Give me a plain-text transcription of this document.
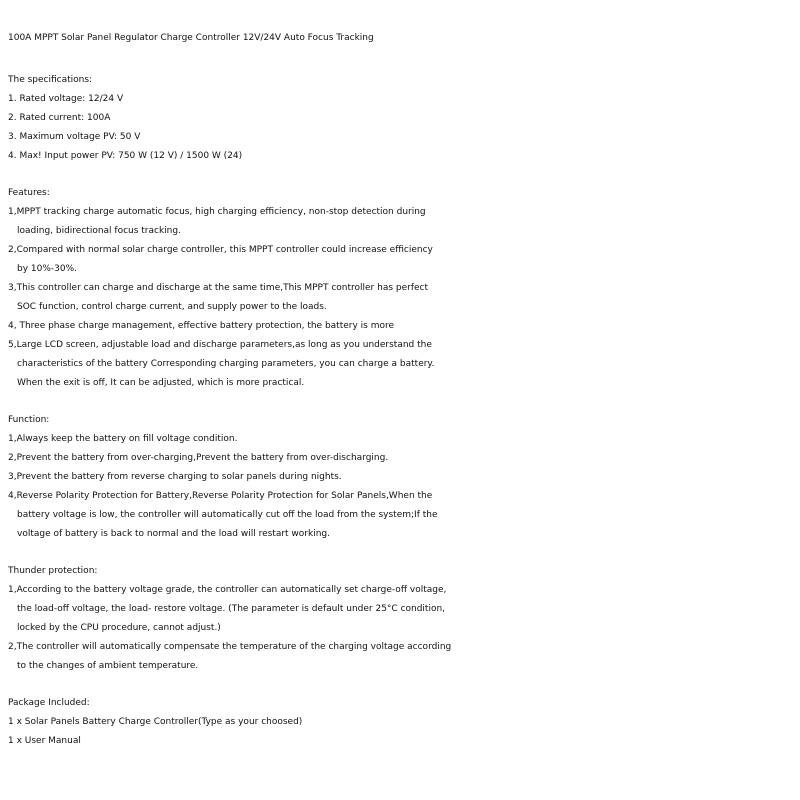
100A MPPT Solar Panel Regulator Charge Controller 12V/24V Auto Focus Tracking
The specifications:
1. Rated voltage: 12/24 V
2. Rated current: 100A
3. Maximum voltage PV: 50 V
4. Max! Input power PV: 750 W (12 V) / 1500 W (24)
Features:
1,MPPT tracking charge automatic focus, high charging efficiency, non-stop detection during
loading, bidirectional focus tracking.
2,Compared with normal solar charge controller, this MPPT controller could increase efficiency
by 10%-30%.
3,This controller can charge and discharge at the same time,This MPPT controller has perfect
SOC function, control charge current, and supply power to the loads.
4, Three phase charge management, effective battery protection, the battery is more
5,Large LCD screen, adjustable load and discharge parameters,as long as you understand the
characteristics of the battery Corresponding charging parameters, you can charge a battery.
When the exit is off, It can be adjusted, which is more practical.
Function:
1,Always keep the battery on fill voltage condition.
2,Prevent the battery from over-charging,Prevent the battery from over-discharging.
3,Prevent the battery from reverse charging to solar panels during nights.
4,Reverse Polarity Protection for Battery,Reverse Polarity Protection for Solar Panels,When the
battery voltage is low, the controller will automatically cut off the load from the system;If the
voltage of battery is back to normal and the load will restart working.
Thunder protection:
1,According to the battery voltage grade, the controller can automatically set charge-off voltage,
the load-off voltage, the load- restore voltage. (The parameter is default under 25°C condition,
locked by the CPU procedure, cannot adjust.)
2,The controller will automatically compensate the temperature of the charging voltage according
to the changes of ambient temperature.
Package Included:
1 x Solar Panels Battery Charge Controller(Type as your choosed)
1 x User Manual
